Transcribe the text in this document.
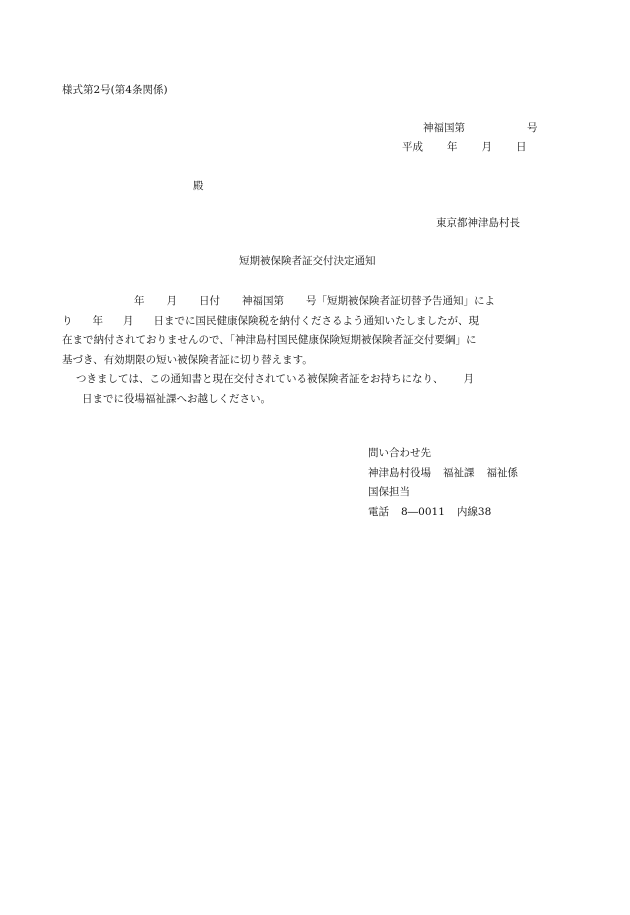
様式第2号(第4条関係)
神福国第	号
平成 年 月 日
殿
東京都神津島村長
短期被保険者証交付決定通知

年 月 日付 神福国第 号「短期被保険者証切替予告通知」によ
り 年 月 日までに国民健康保険税を納付くださるよう通知いたしましたが、現
在まで納付されておりませんので、「神津島村国民健康保険短期被保険者証交付要綱」に
基づき、有効期限の短い被保険者証に切り替えます。

つきましては、この通知書と現在交付されている被保険者証をお持ちになり、 月
日までに役場福祉課へお越しください。

問い合わせ先
神津島村役場 福祉課 福祉係
国保担当
電話 8―0011 内線38
